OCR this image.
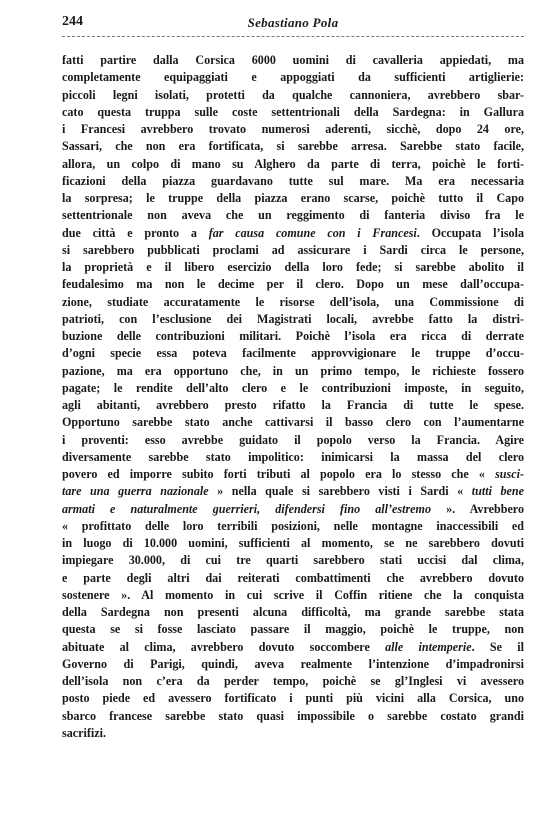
244	Sebastiano Pola
fatti partire dalla Corsica 6000 uomini di cavalleria appiedati, ma
completamente equipaggiati e appoggiati da sufficienti artiglierie:
piccoli legni isolati, protetti da qualche cannoniera, avrebbero sbar-
cato questa truppa sulle coste settentrionali della Sardegna: in Gallura
i Francesi avrebbero trovato numerosi aderenti, sicchè, dopo 24 ore,
Sassari, che non era fortificata, si sarebbe arresa. Sarebbe stato facile,
allora, un colpo di mano su Alghero da parte di terra, poichè le forti-
ficazioni della piazza guardavano tutte sul mare. Ma era necessaria
la sorpresa; le truppe della piazza erano scarse, poichè tutto il Capo
settentrionale non aveva che un reggimento di fanteria diviso fra le
due città e pronto a far causa comune con i Francesi. Occupata l’isola
si sarebbero pubblicati proclami ad assicurare i Sardi circa le persone,
la proprietà e il libero esercizio della loro fede; si sarebbe abolito il
feudalesimo ma non le decime per il clero. Dopo un mese dall’occupa-
zione, studiate accuratamente le risorse dell’isola, una Commissione di
patrioti, con l’esclusione dei Magistrati locali, avrebbe fatto la distri-
buzione delle contribuzioni militari. Poichè l’isola era ricca di derrate
d’ogni specie essa poteva facilmente approvvigionare le truppe d’occu-
pazione, ma era opportuno che, in un primo tempo, le richieste fossero
pagate; le rendite dell’alto clero e le contribuzioni imposte, in seguito,
agli abitanti, avrebbero presto rifatto la Francia di tutte le spese.
Opportuno sarebbe stato anche cattivarsi il basso clero con l’aumentarne
i proventi: esso avrebbe guidato il popolo verso la Francia. Agire
diversamente sarebbe stato impolitico: inimicarsi la massa del clero
povero ed imporre subito forti tributi al popolo era lo stesso che « susci-
tare una guerra nazionale » nella quale si sarebbero visti i Sardi « tutti bene
armati e naturalmente guerrieri, difendersi fino all’estremo ». Avrebbero
« profittato delle loro terribili posizioni, nelle montagne inaccessibili ed
in luogo di 10.000 uomini, sufficienti al momento, se ne sarebbero dovuti
impiegare 30.000, di cui tre quarti sarebbero stati uccisi dal clima,
e parte degli altri dai reiterati combattimenti che avrebbero dovuto
sostenere ». Al momento in cui scrive il Coffin ritiene che la conquista
della Sardegna non presenti alcuna difficoltà, ma grande sarebbe stata
questa se si fosse lasciato passare il maggio, poichè le truppe, non
abituate al clima, avrebbero dovuto soccombere alle intemperie. Se il
Governo di Parigi, quindi, aveva realmente l’intenzione d’impadronirsi
dell’isola non c’era da perder tempo, poichè se gl’Inglesi vi avessero
posto piede ed avessero fortificato i punti più vicini alla Corsica, uno
sbarco francese sarebbe stato quasi impossibile o sarebbe costato grandi
sacrifizi.
